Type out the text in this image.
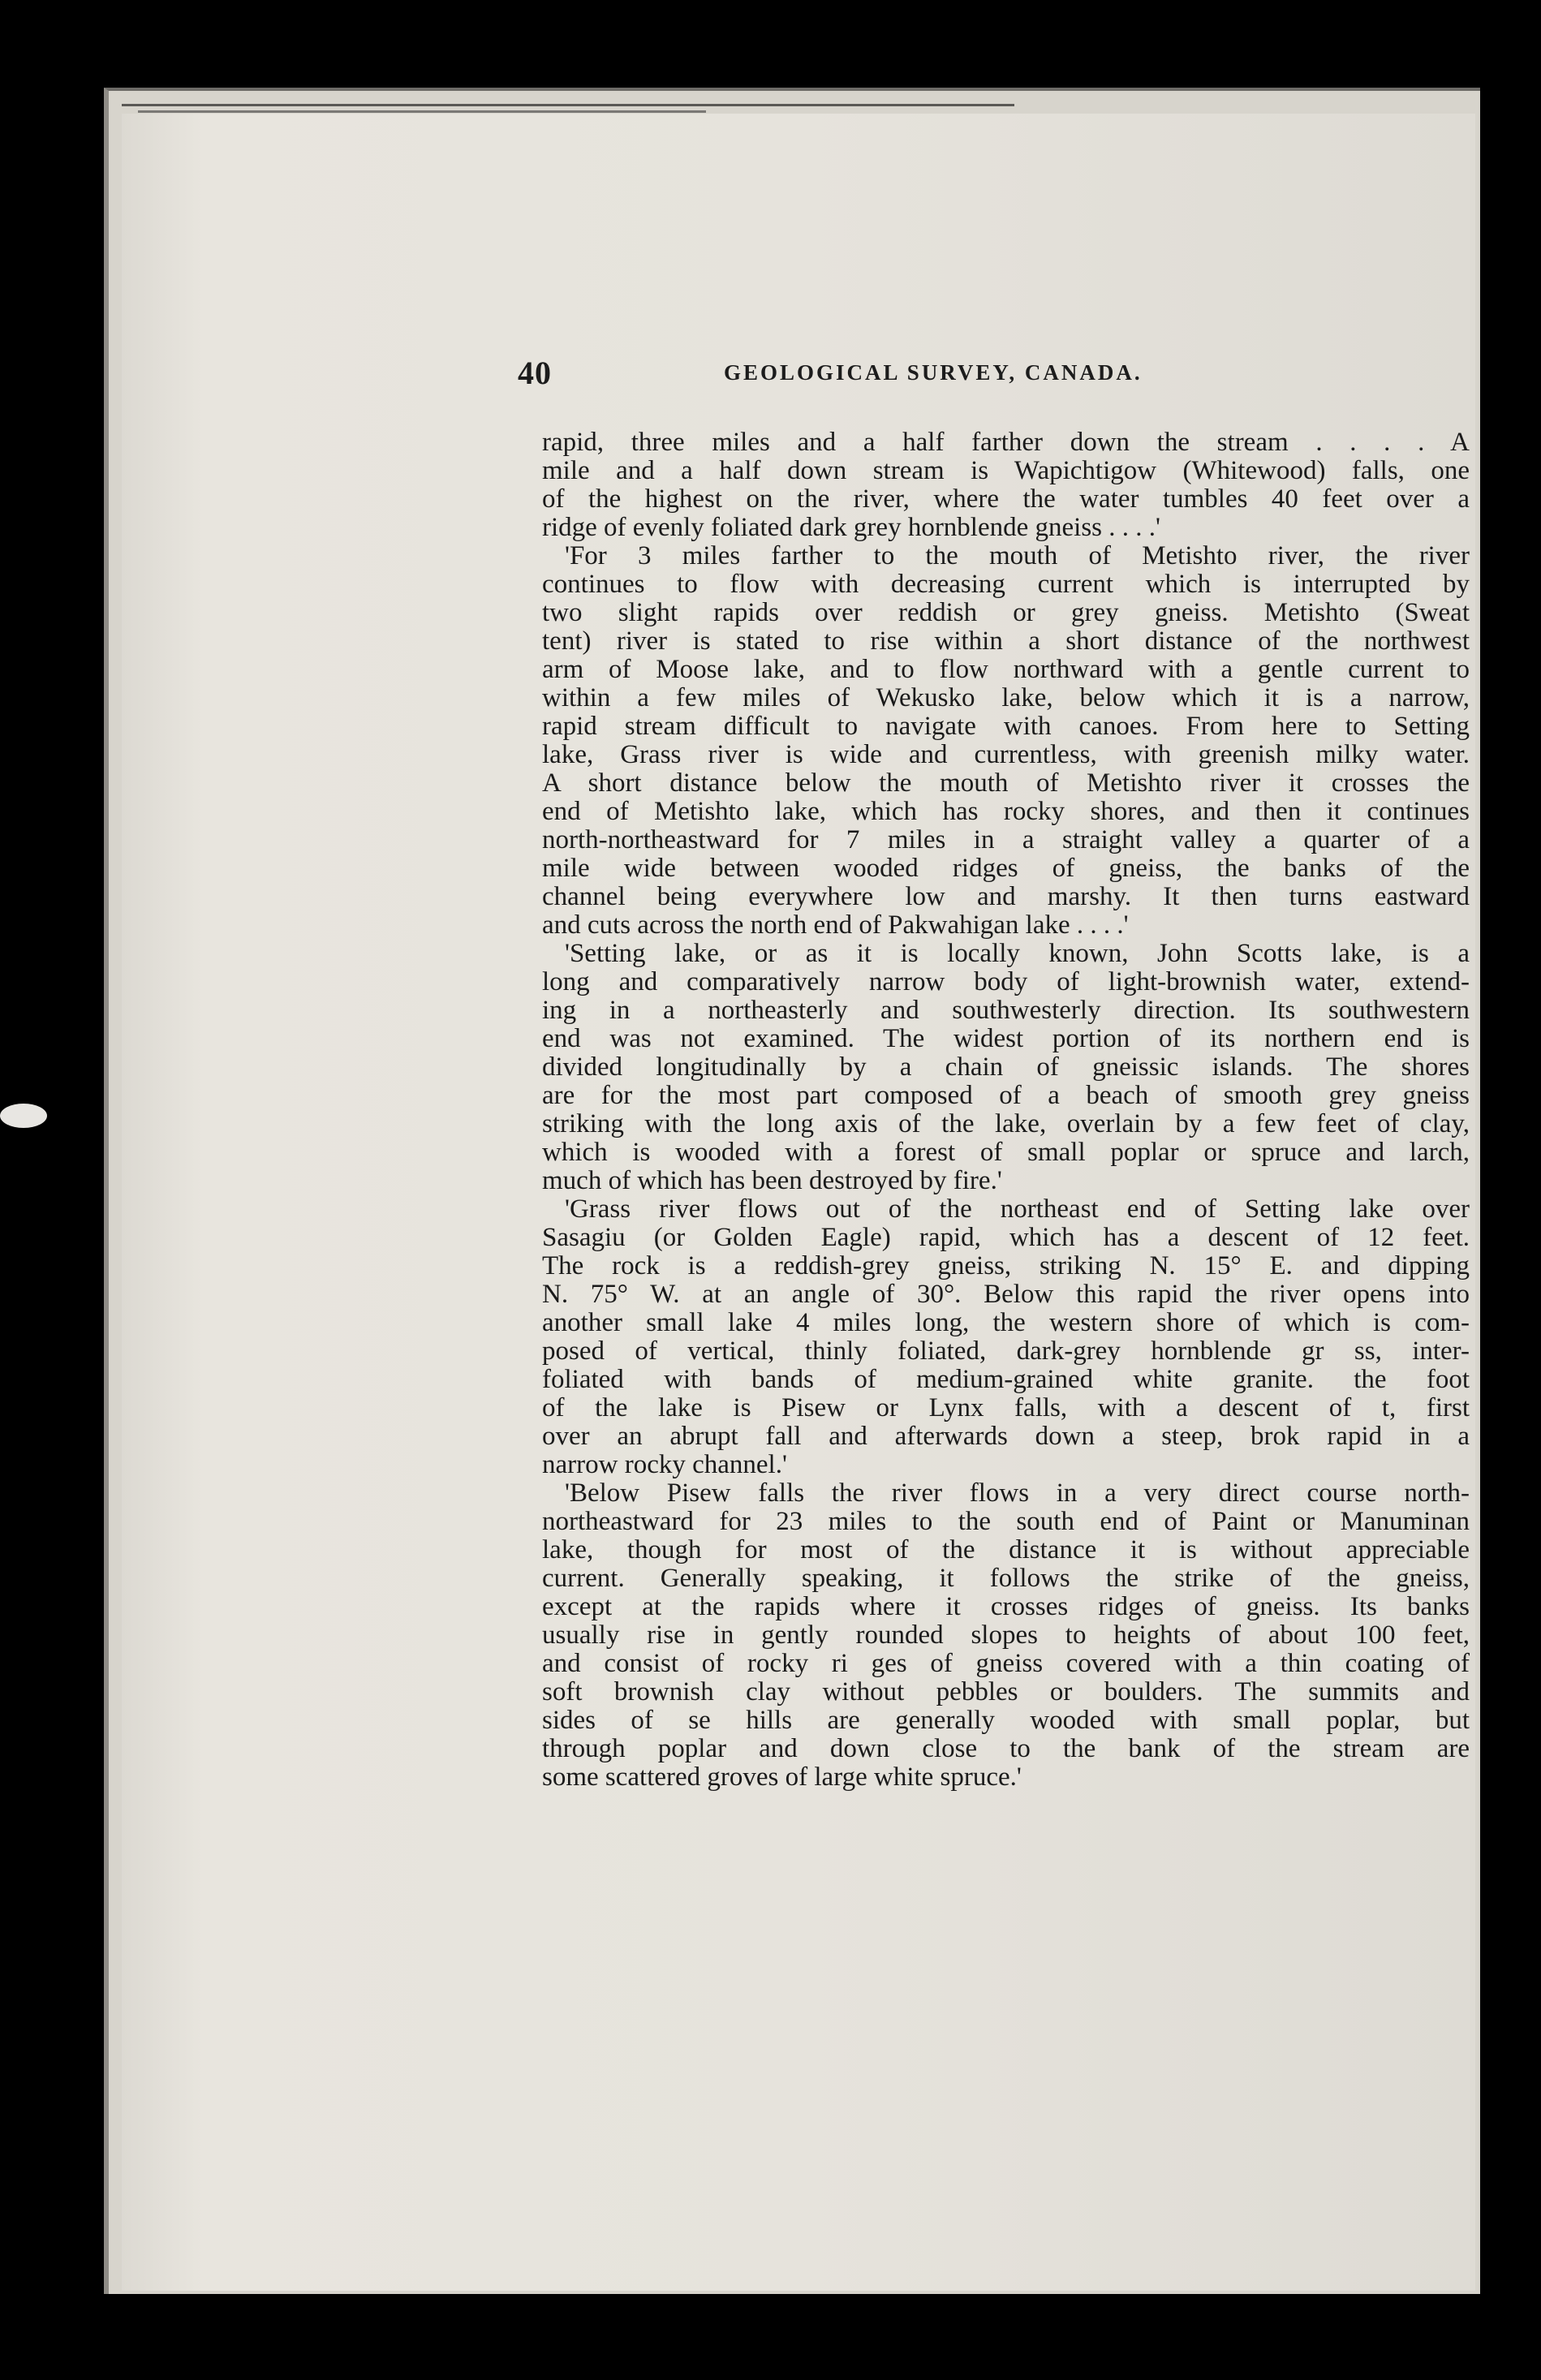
40	GEOLOGICAL SURVEY, CANADA.

rapid, three miles and a half farther down the stream . . . . A

mile and a half down stream is Wapichtigow (Whitewood) falls, one

of the highest on the river, where the water tumbles 40 feet over a

ridge of evenly foliated dark grey hornblende gneiss . . . .'

'For 3 miles farther to the mouth of Metishto river, the river

continues to flow with decreasing current which is interrupted by

two slight rapids over reddish or grey gneiss. Metishto (Sweat

tent) river is stated to rise within a short distance of the northwest

arm of Moose lake, and to flow northward with a gentle current to

within a few miles of Wekusko lake, below which it is a narrow,

rapid stream difficult to navigate with canoes. From here to Setting

lake, Grass river is wide and currentless, with greenish milky water.

A short distance below the mouth of Metishto river it crosses the

end of Metishto lake, which has rocky shores, and then it continues

north-northeastward for 7 miles in a straight valley a quarter of a

mile wide between wooded ridges of gneiss, the banks of the

channel being everywhere low and marshy. It then turns eastward

and cuts across the north end of Pakwahigan lake . . . .'

'Setting lake, or as it is locally known, John Scotts lake, is a

long and comparatively narrow body of light-brownish water, extend-

ing in a northeasterly and southwesterly direction. Its southwestern

end was not examined. The widest portion of its northern end is

divided longitudinally by a chain of gneissic islands. The shores

are for the most part composed of a beach of smooth grey gneiss

striking with the long axis of the lake, overlain by a few feet of clay,

which is wooded with a forest of small poplar or spruce and larch,

much of which has been destroyed by fire.'

'Grass river flows out of the northeast end of Setting lake over

Sasagiu (or Golden Eagle) rapid, which has a descent of 12 feet.

The rock is a reddish-grey gneiss, striking N. 15° E. and dipping

N. 75° W. at an angle of 30°. Below this rapid the river opens into

another small lake 4 miles long, the western shore of which is com-

posed of vertical, thinly foliated, dark-grey hornblende gr ss, inter-

foliated with bands of medium-grained white granite. the foot

of the lake is Pisew or Lynx falls, with a descent of t, first

over an abrupt fall and afterwards down a steep, brok rapid in a

narrow rocky channel.'

'Below Pisew falls the river flows in a very direct course north-

northeastward for 23 miles to the south end of Paint or Manuminan

lake, though for most of the distance it is without appreciable

current. Generally speaking, it follows the strike of the gneiss,

except at the rapids where it crosses ridges of gneiss. Its banks

usually rise in gently rounded slopes to heights of about 100 feet,

and consist of rocky ri ges of gneiss covered with a thin coating of

soft brownish clay without pebbles or boulders. The summits and

sides of se hills are generally wooded with small poplar, but

through poplar and down close to the bank of the stream are

some scattered groves of large white spruce.'
